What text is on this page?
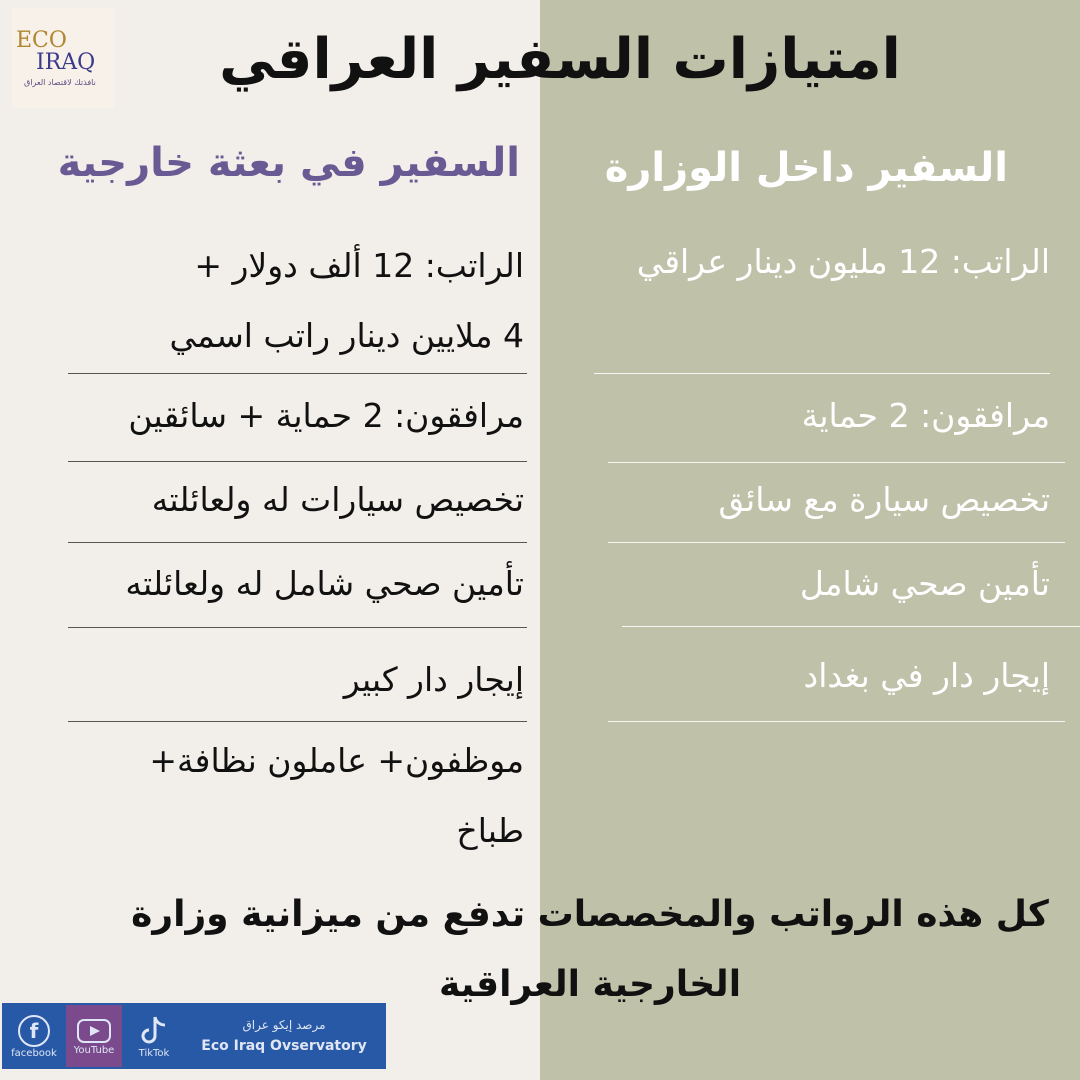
ECO
IRAQ
نافذتك لاقتصاد العراق	امتيازات السفير العراقي
السفير في بعثة خارجية	السفير داخل الوزارة
الراتب: 12 ألف دولار +
4 ملايين دينار راتب اسمي
مرافقون: 2 حماية + سائقين
تخصيص سيارات له ولعائلته
تأمين صحي شامل له ولعائلته
إيجار دار كبير
موظفون+ عاملون نظافة+
طباخ
الراتب: 12 مليون دينار عراقي
مرافقون: 2 حماية
تخصيص سيارة مع سائق
تأمين صحي شامل
إيجار دار في بغداد
كل هذه الرواتب والمخصصات تدفع من ميزانية وزارة
الخارجية العراقية
f
facebook YouTube TikTok
مرصد إيكو عراق
Eco Iraq Ovservatory
